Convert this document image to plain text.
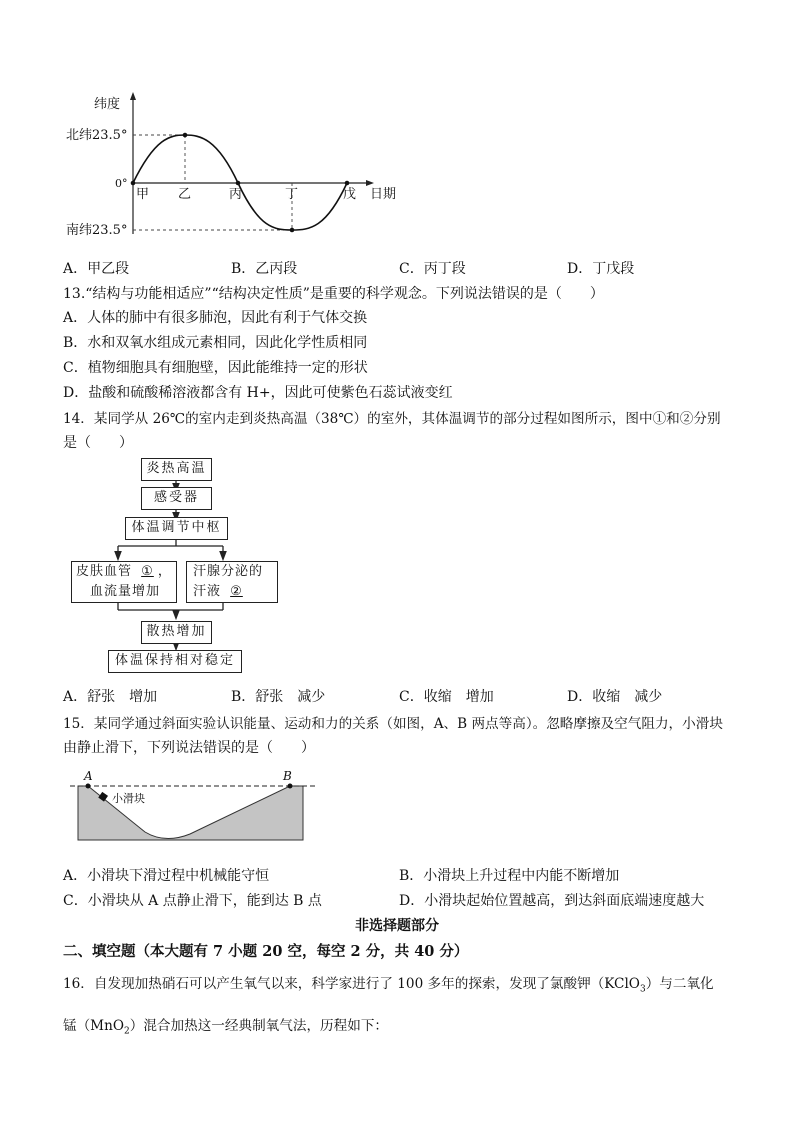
纬度
北纬23.5°
0°
南纬23.5°
甲 乙	丙	丁	戊 日期
A．甲乙段	B．乙丙段	C．丙丁段	D．丁戊段
13.“结构与功能相适应”“结构决定性质”是重要的科学观念。下列说法错误的是（　　）
A．人体的肺中有很多肺泡，因此有利于气体交换
B．水和双氧水组成元素相同，因此化学性质相同
C．植物细胞具有细胞壁，因此能维持一定的形状
D．盐酸和硫酸稀溶液都含有 H+，因此可使紫色石蕊试液变红
14．某同学从 26℃的室内走到炎热高温（38℃）的室外，其体温调节的部分过程如图所示，图中①和②分别
是（　　）
炎热高温
感受器
体温调节中枢
皮肤血管 ① ，
血流量增加
汗腺分泌的
汗液 ②
散热增加
体温保持相对稳定
A．舒张　增加	B．舒张　减少	C．收缩　增加	D．收缩　减少
15．某同学通过斜面实验认识能量、运动和力的关系（如图，A、B 两点等高）。忽略摩擦及空气阻力，小滑块
由静止滑下，下列说法错误的是（　　）
A	B
小滑块
A．小滑块下滑过程中机械能守恒	B．小滑块上升过程中内能不断增加
C．小滑块从 A 点静止滑下，能到达 B 点	D．小滑块起始位置越高，到达斜面底端速度越大
非选择题部分
二、填空题（本大题有 7 小题 20 空，每空 2 分，共 40 分）
16．自发现加热硝石可以产生氧气以来，科学家进行了 100 多年的探索，发现了氯酸钾（KClO$_3$）与二氧化
锰（MnO$_2$）混合加热这一经典制氧气法，历程如下：
